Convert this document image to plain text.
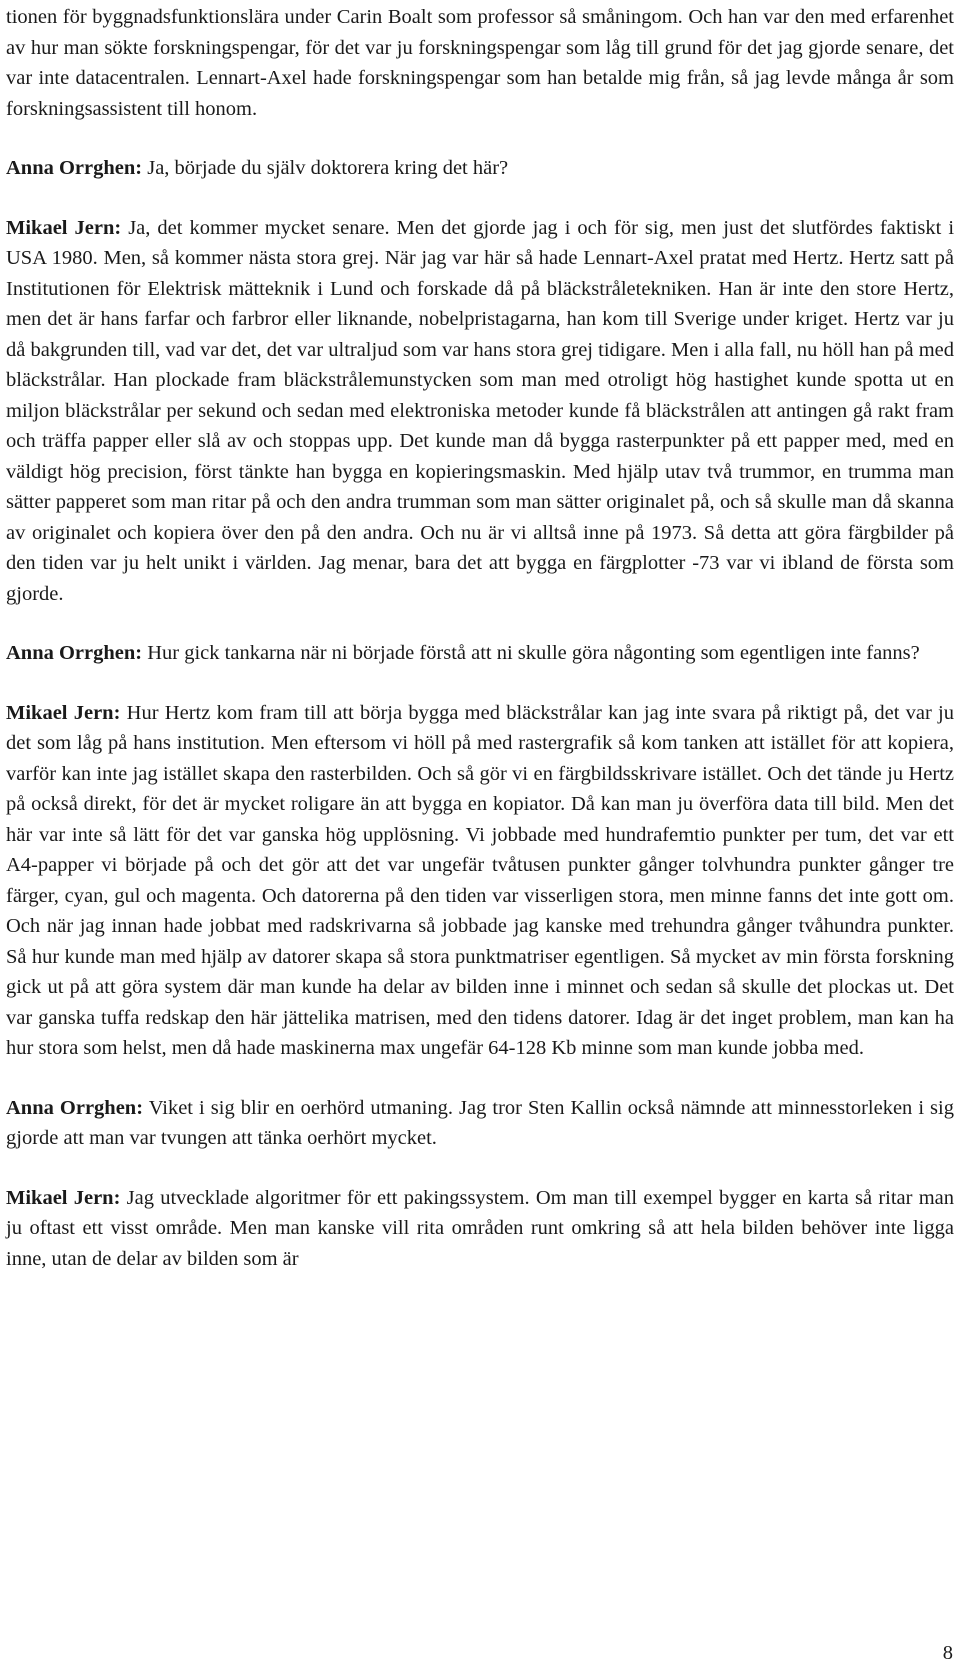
tionen för byggnadsfunktionslära under Carin Boalt som professor så småningom. Och han var den med erfarenhet av hur man sökte forskningspengar, för det var ju forskningspengar som låg till grund för det jag gjorde senare, det var inte datacentralen. Lennart-Axel hade forskningspengar som han betalde mig från, så jag levde många år som forskningsassistent till honom.

Anna Orrghen: Ja, började du själv doktorera kring det här?

Mikael Jern: Ja, det kommer mycket senare. Men det gjorde jag i och för sig, men just det slutfördes faktiskt i USA 1980. Men, så kommer nästa stora grej. När jag var här så hade Lennart-Axel pratat med Hertz. Hertz satt på Institutionen för Elektrisk mätteknik i Lund och forskade då på bläckstråletekniken. Han är inte den store Hertz, men det är hans farfar och farbror eller liknande, nobelpristagarna, han kom till Sverige under kriget. Hertz var ju då bakgrunden till, vad var det, det var ultraljud som var hans stora grej tidigare. Men i alla fall, nu höll han på med bläckstrålar. Han plockade fram bläckstrålemunstycken som man med otroligt hög hastighet kunde spotta ut en miljon bläckstrålar per sekund och sedan med elektroniska metoder kunde få bläckstrålen att antingen gå rakt fram och träffa papper eller slå av och stoppas upp. Det kunde man då bygga rasterpunkter på ett papper med, med en väldigt hög precision, först tänkte han bygga en kopieringsmaskin. Med hjälp utav två trummor, en trumma man sätter papperet som man ritar på och den andra trumman som man sätter originalet på, och så skulle man då skanna av originalet och kopiera över den på den andra. Och nu är vi alltså inne på 1973. Så detta att göra färgbilder på den tiden var ju helt unikt i världen. Jag menar, bara det att bygga en färgplotter -73 var vi ibland de första som gjorde.

Anna Orrghen: Hur gick tankarna när ni började förstå att ni skulle göra någonting som egentligen inte fanns?

Mikael Jern: Hur Hertz kom fram till att börja bygga med bläckstrålar kan jag inte svara på riktigt på, det var ju det som låg på hans institution. Men eftersom vi höll på med rastergrafik så kom tanken att istället för att kopiera, varför kan inte jag istället skapa den rasterbilden. Och så gör vi en färgbildsskrivare istället. Och det tände ju Hertz på också direkt, för det är mycket roligare än att bygga en kopiator. Då kan man ju överföra data till bild. Men det här var inte så lätt för det var ganska hög upplösning. Vi jobbade med hundrafemtio punkter per tum, det var ett A4-papper vi började på och det gör att det var ungefär tvåtusen punkter gånger tolvhundra punkter gånger tre färger, cyan, gul och magenta. Och datorerna på den tiden var visserligen stora, men minne fanns det inte gott om. Och när jag innan hade jobbat med radskrivarna så jobbade jag kanske med trehundra gånger tvåhundra punkter. Så hur kunde man med hjälp av datorer skapa så stora punktmatriser egentligen. Så mycket av min första forskning gick ut på att göra system där man kunde ha delar av bilden inne i minnet och sedan så skulle det plockas ut. Det var ganska tuffa redskap den här jättelika matrisen, med den tidens datorer. Idag är det inget problem, man kan ha hur stora som helst, men då hade maskinerna max ungefär 64-128 Kb minne som man kunde jobba med.

Anna Orrghen: Viket i sig blir en oerhörd utmaning. Jag tror Sten Kallin också nämnde att minnesstorleken i sig gjorde att man var tvungen att tänka oerhört mycket.

Mikael Jern: Jag utvecklade algoritmer för ett pakingssystem. Om man till exempel bygger en karta så ritar man ju oftast ett visst område. Men man kanske vill rita områden runt omkring så att hela bilden behöver inte ligga inne, utan de delar av bilden som är

8
